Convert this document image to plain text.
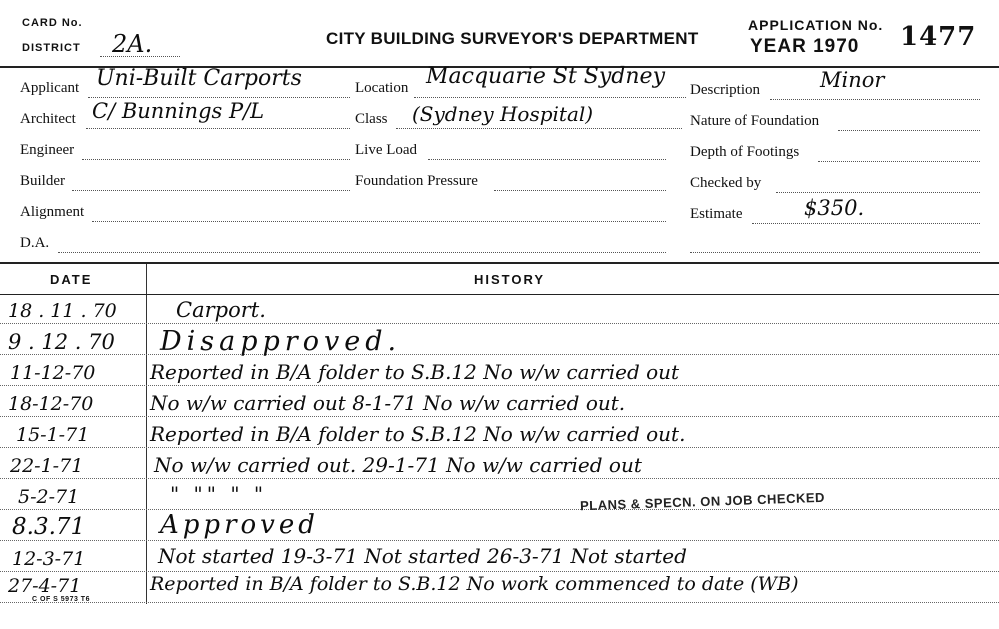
CARD No.
DISTRICT 2A.	CITY BUILDING SURVEYOR'S DEPARTMENT
APPLICATION No.
YEAR 1970 1477
Applicant Uni-Built Carports
Architect C/ Bunnings P/L
Engineer
Builder
Alignment
D.A.
Location Macquarie St Sydney
Class (Sydney Hospital)
Live Load
Foundation Pressure
Description	Minor
Nature of Foundation
Depth of Footings
Checked by
Estimate	$350.
DATE	HISTORY
18 . 11 . 70	Carport.
9 . 12 . 70 Disapproved.
11-12-70	Reported in B/A folder to S.B.12 No w/w carried out
18-12-70	No w/w carried out 8-1-71 No w/w carried out.
15-1-71	Reported in B/A folder to S.B.12 No w/w carried out.
22-1-71	No w/w carried out. 29-1-71 No w/w carried out
5-2-71	" "" " "
8.3.71	Approved
PLANS & SPECN. ON JOB CHECKED
12-3-71	Not started 19-3-71 Not started 26-3-71 Not started
27-4-71	Reported in B/A folder to S.B.12 No work commenced to date (WB)
C OF S 5973 T6
